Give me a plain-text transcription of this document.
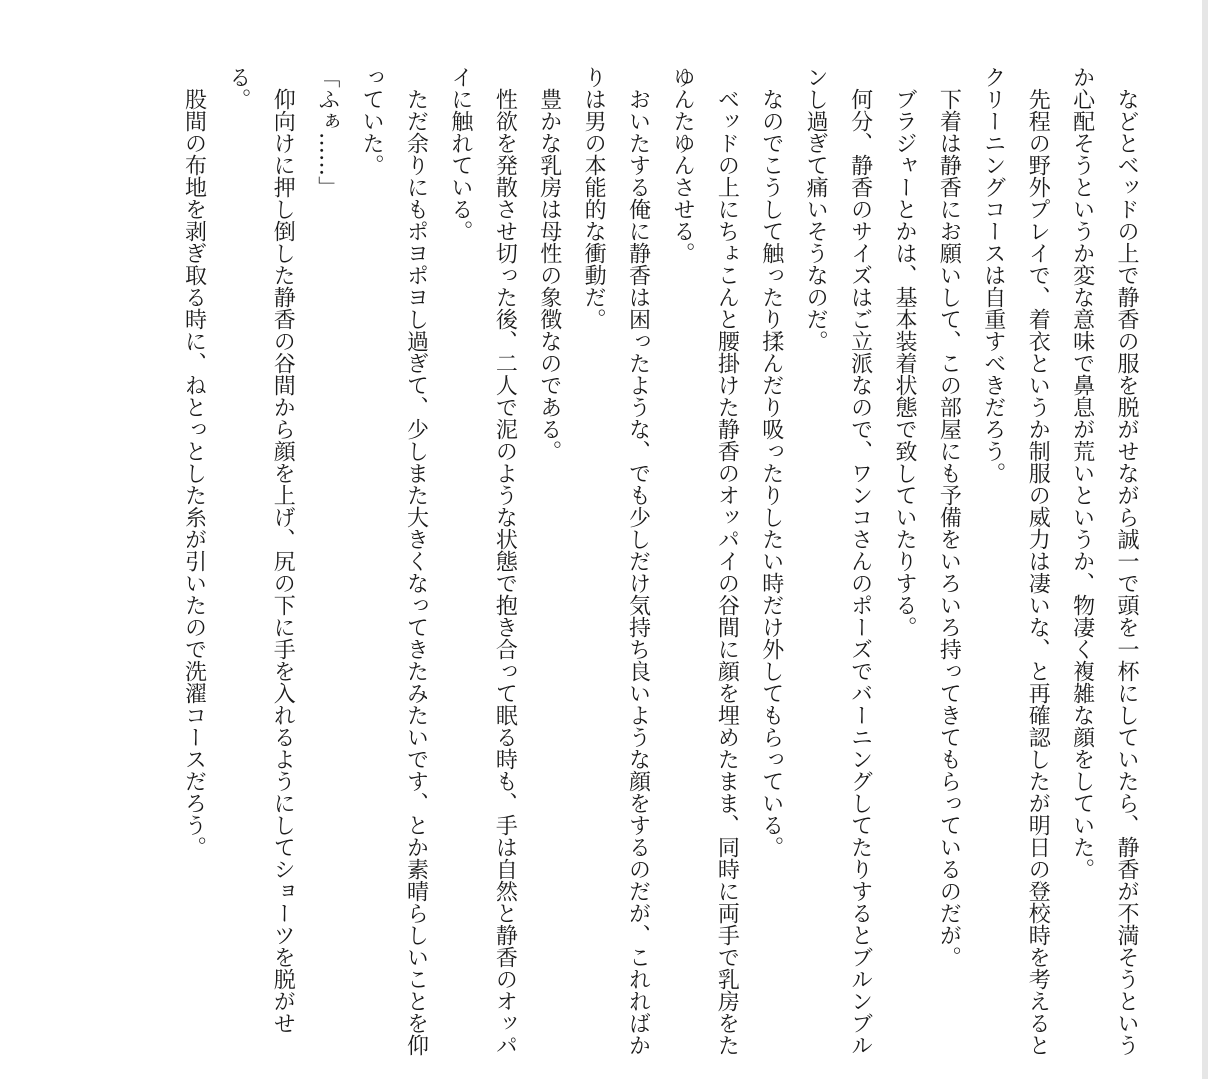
　などとベッドの上で静香の服を脱がせながら誠一で頭を一杯にしていたら、静香が不満そうというか心配そうというか変な意味で鼻息が荒いというか、物凄く複雑な顔をしていた。

　先程の野外プレイで、着衣というか制服の威力は凄いな、と再確認したが明日の登校時を考えるとクリーニングコースは自重すべきだろう。

　下着は静香にお願いして、この部屋にも予備をいろいろ持ってきてもらっているのだが。

　ブラジャーとかは、基本装着状態で致していたりする。

　何分、静香のサイズはご立派なので、ワンコさんのポーズでバーニングしてたりするとブルンブルンし過ぎて痛いそうなのだ。

　なのでこうして触ったり揉んだり吸ったりしたい時だけ外してもらっている。

　ベッドの上にちょこんと腰掛けた静香のオッパイの谷間に顔を埋めたまま、同時に両手で乳房をたゆんたゆんさせる。

　おいたする俺に静香は困ったような、でも少しだけ気持ち良いような顔をするのだが、これればかりは男の本能的な衝動だ。

　豊かな乳房は母性の象徴なのである。

　性欲を発散させ切った後、二人で泥のような状態で抱き合って眠る時も、手は自然と静香のオッパイに触れている。

　ただ余りにもポヨポヨし過ぎて、少しまた大きくなってきたみたいです、とか素晴らしいことを仰っていた。

「ふぁ……」

　仰向けに押し倒した静香の谷間から顔を上げ、尻の下に手を入れるようにしてショーツを脱がせる。

　股間の布地を剥ぎ取る時に、ねとっとした糸が引いたので洗濯コースだろう。
